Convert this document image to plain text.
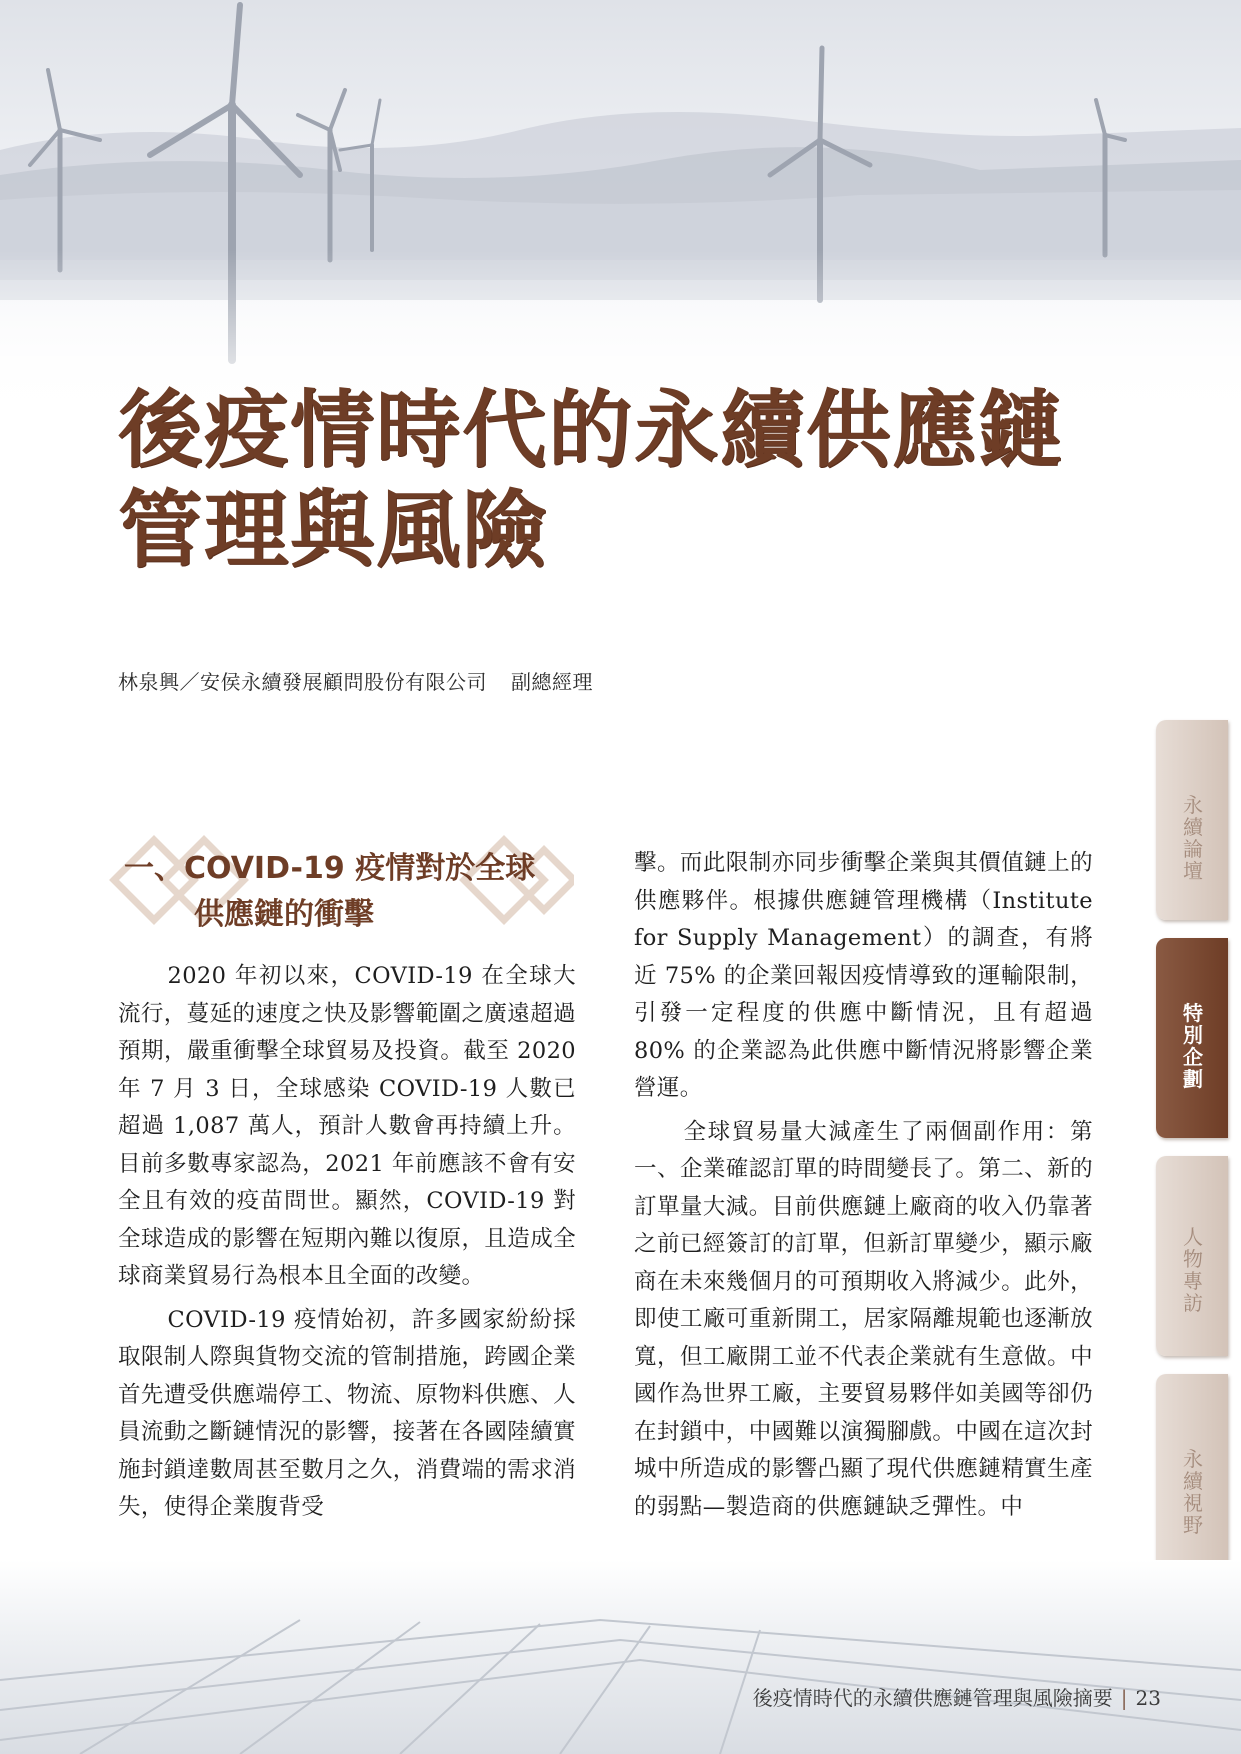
後疫情時代的永續供應鏈
管理與風險
林泉興／安侯永續發展顧問股份有限公司 副總經理
一、COVID-19 疫情對於全球
供應鏈的衝擊

2020 年初以來，COVID-19 在全球大流行，蔓延的速度之快及影響範圍之廣遠超過預期，嚴重衝擊全球貿易及投資。截至 2020 年 7 月 3 日，全球感染 COVID-19 人數已超過 1,087 萬人，預計人數會再持續上升。目前多數專家認為，2021 年前應該不會有安全且有效的疫苗問世。顯然，COVID-19 對全球造成的影響在短期內難以復原，且造成全球商業貿易行為根本且全面的改變。

COVID-19 疫情始初，許多國家紛紛採取限制人際與貨物交流的管制措施，跨國企業首先遭受供應端停工、物流、原物料供應、人員流動之斷鏈情況的影響，接著在各國陸續實施封鎖達數周甚至數月之久，消費端的需求消失，使得企業腹背受

擊。而此限制亦同步衝擊企業與其價值鏈上的供應夥伴。根據供應鏈管理機構（Institute for Supply Management）的調查，有將近 75% 的企業回報因疫情導致的運輸限制，引發一定程度的供應中斷情況，且有超過 80% 的企業認為此供應中斷情況將影響企業營運。

全球貿易量大減產生了兩個副作用：第一、企業確認訂單的時間變長了。第二、新的訂單量大減。目前供應鏈上廠商的收入仍靠著之前已經簽訂的訂單，但新訂單變少，顯示廠商在未來幾個月的可預期收入將減少。此外，即使工廠可重新開工，居家隔離規範也逐漸放寬，但工廠開工並不代表企業就有生意做。中國作為世界工廠，主要貿易夥伴如美國等卻仍在封鎖中，中國難以演獨腳戲。中國在這次封城中所造成的影響凸顯了現代供應鏈精實生產的弱點—製造商的供應鏈缺乏彈性。中

永續論壇
特別企劃
人物專訪
永續視野
後疫情時代的永續供應鏈管理與風險摘要 | 23
